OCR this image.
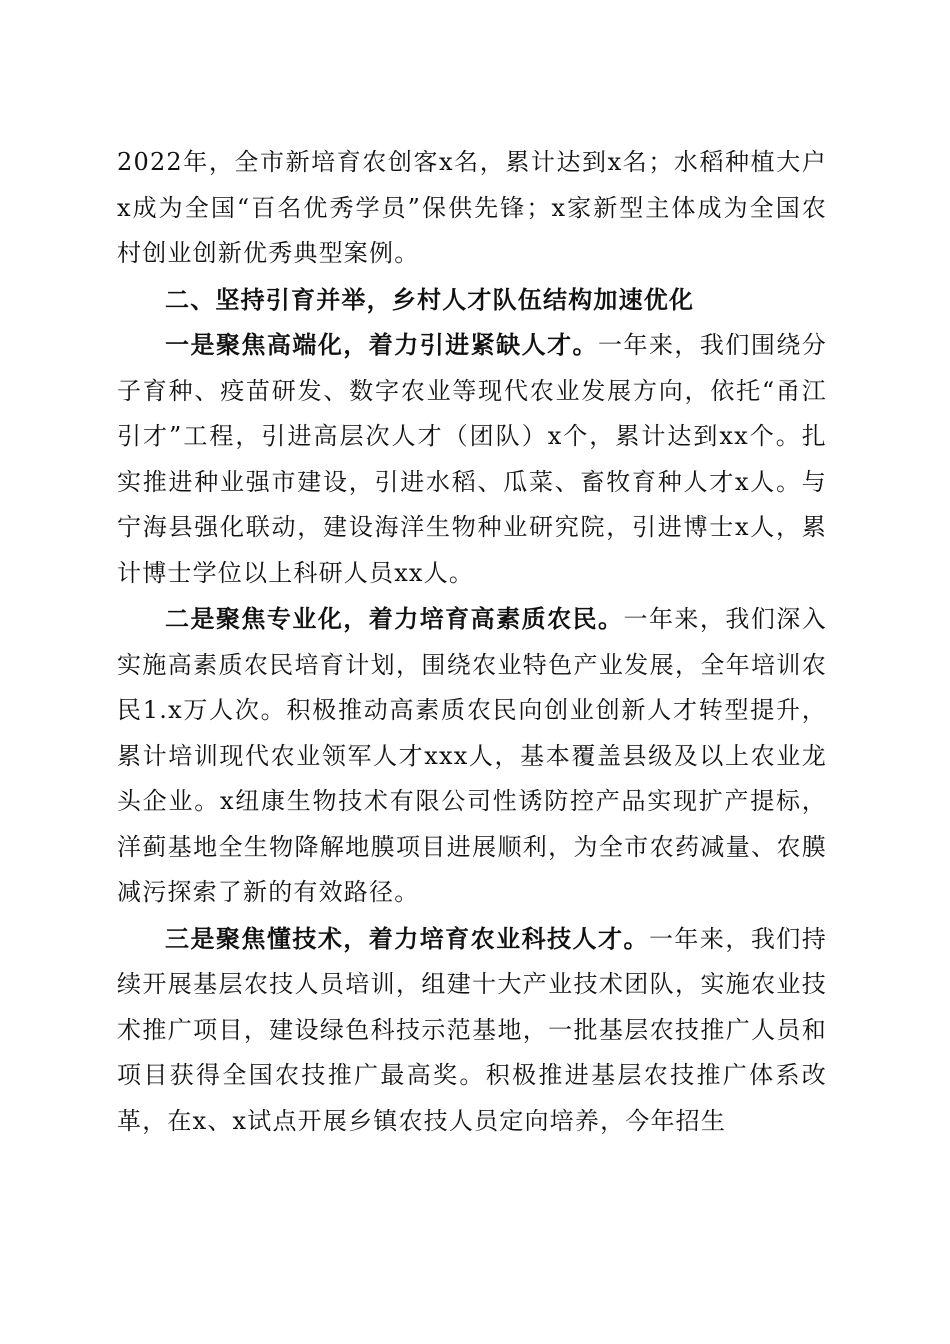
2022年，全市新培育农创客x名，累计达到x名；水稻种植大户x成为全国“百名优秀学员”保供先锋；x家新型主体成为全国农村创业创新优秀典型案例。

二、坚持引育并举，乡村人才队伍结构加速优化

一是聚焦高端化，着力引进紧缺人才。一年来，我们围绕分子育种、疫苗研发、数字农业等现代农业发展方向，依托“甬江引才”工程，引进高层次人才（团队）x个，累计达到xx个。扎实推进种业强市建设，引进水稻、瓜菜、畜牧育种人才x人。与宁海县强化联动，建设海洋生物种业研究院，引进博士x人，累计博士学位以上科研人员xx人。

二是聚焦专业化，着力培育高素质农民。一年来，我们深入实施高素质农民培育计划，围绕农业特色产业发展，全年培训农民1.x万人次。积极推动高素质农民向创业创新人才转型提升，累计培训现代农业领军人才xxx人，基本覆盖县级及以上农业龙头企业。x纽康生物技术有限公司性诱防控产品实现扩产提标，洋蓟基地全生物降解地膜项目进展顺利，为全市农药减量、农膜减污探索了新的有效路径。

三是聚焦懂技术，着力培育农业科技人才。一年来，我们持续开展基层农技人员培训，组建十大产业技术团队，实施农业技术推广项目，建设绿色科技示范基地，一批基层农技推广人员和项目获得全国农技推广最高奖。积极推进基层农技推广体系改革，在x、x试点开展乡镇农技人员定向培养，今年招生
